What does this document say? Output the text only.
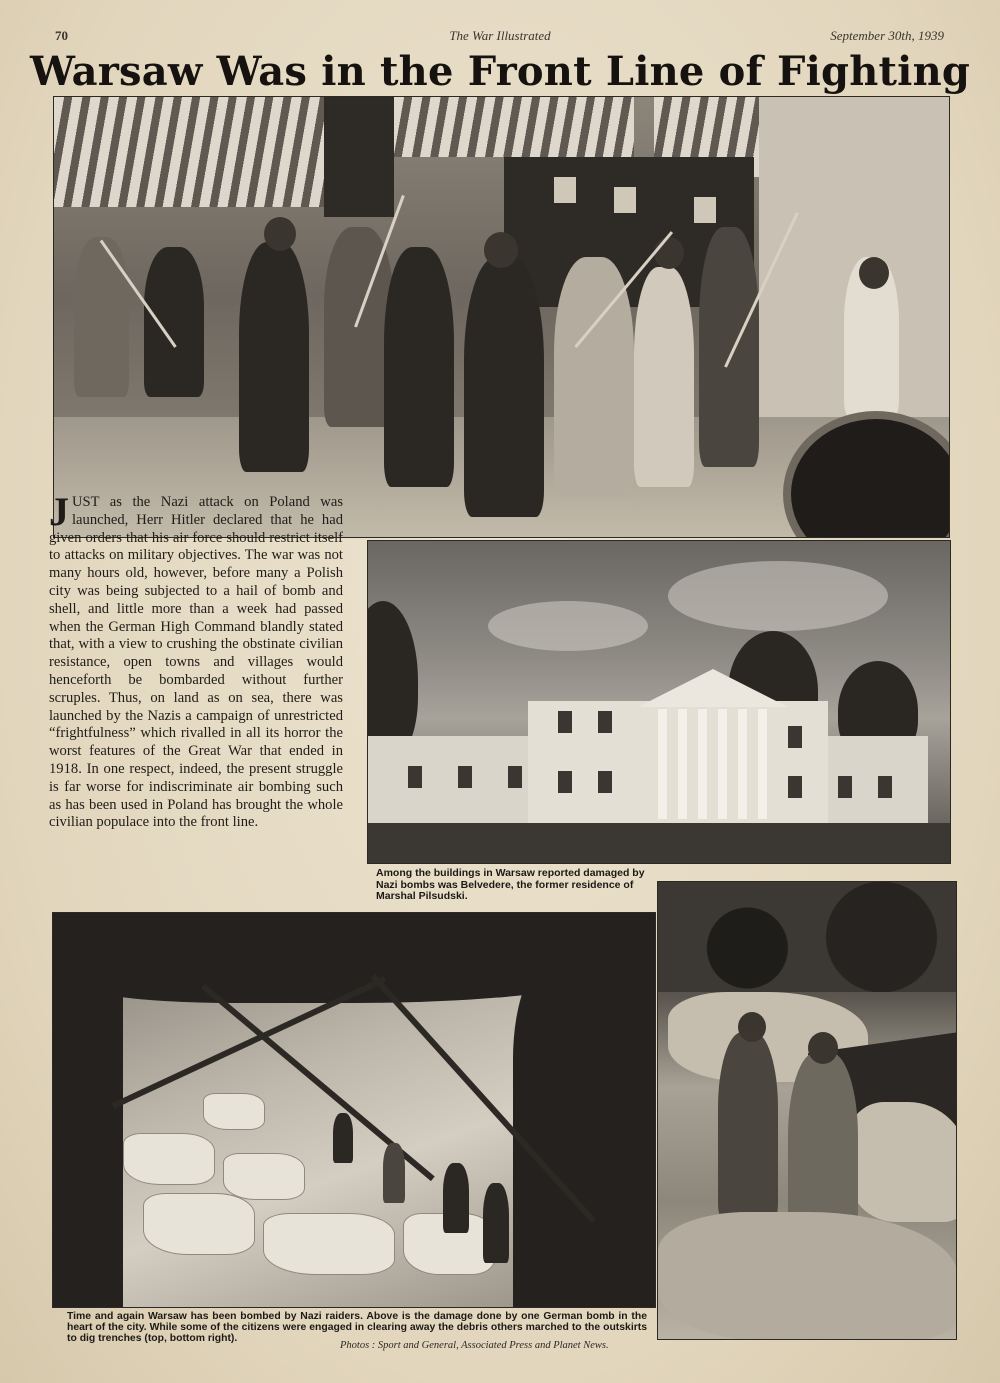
70	The War Illustrated	September 30th, 1939
Warsaw Was in the Front Line of Fighting
JUST as the Nazi attack on Poland was launched, Herr Hitler declared that he had given orders that his air force should restrict itself to attacks on military objectives. The war was not many hours old, however, before many a Polish city was being subjected to a hail of bomb and shell, and little more than a week had passed when the German High Command blandly stated that, with a view to crushing the obstinate civilian resistance, open towns and villages would henceforth be bombarded without further scruples. Thus, on land as on sea, there was launched by the Nazis a campaign of unrestricted “frightfulness” which rivalled in all its horror the worst features of the Great War that ended in 1918. In one respect, indeed, the present struggle is far worse for indiscriminate air bombing such as has been used in Poland has brought the whole civilian populace into the front line.
Among the buildings in Warsaw reported damaged by Nazi bombs was Belvedere, the former residence of Marshal Pilsudski.
Time and again Warsaw has been bombed by Nazi raiders. Above is the damage done by one German bomb in the heart of the city. While some of the citizens were engaged in clearing away the debris others marched to the outskirts to dig trenches (top, bottom right).
Photos : Sport and General, Associated Press and Planet News.
